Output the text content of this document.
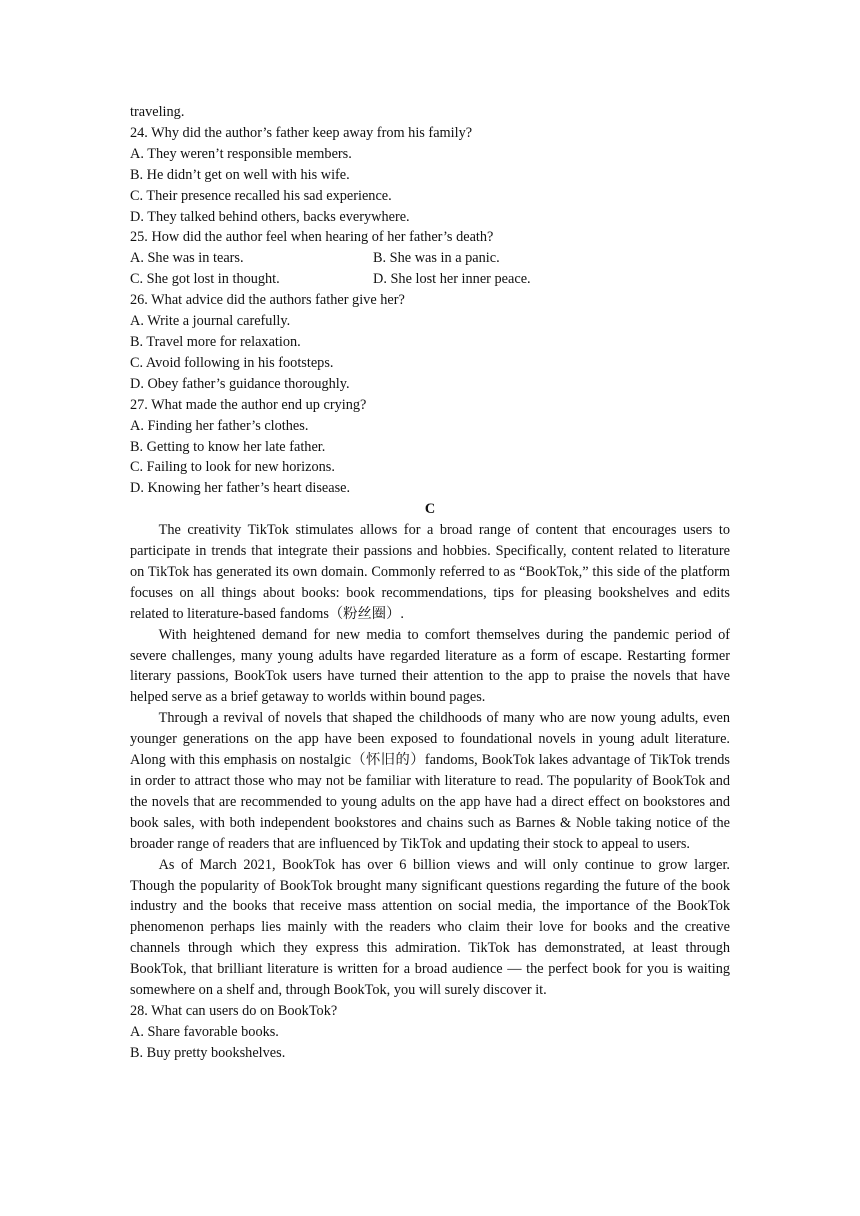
traveling.
24. Why did the author’s father keep away from his family?
A. They weren’t responsible members.
B. He didn’t get on well with his wife.
C. Their presence recalled his sad experience.
D. They talked behind others, backs everywhere.
25. How did the author feel when hearing of her father’s death?
A. She was in tears.	B. She was in a panic.
C. She got lost in thought.	D. She lost her inner peace.
26. What advice did the authors father give her?
A. Write a journal carefully.
B. Travel more for relaxation.
C. Avoid following in his footsteps.
D. Obey father’s guidance thoroughly.
27. What made the author end up crying?
A. Finding her father’s clothes.
B. Getting to know her late father.
C. Failing to look for new horizons.
D. Knowing her father’s heart disease.
C

The creativity TikTok stimulates allows for a broad range of content that encourages users to participate in trends that integrate their passions and hobbies. Specifically, content related to literature on TikTok has generated its own domain. Commonly referred to as “BookTok,” this side of the platform focuses on all things about books: book recommendations, tips for pleasing bookshelves and edits related to literature-based fandoms（粉丝圈）.

With heightened demand for new media to comfort themselves during the pandemic period of severe challenges, many young adults have regarded literature as a form of escape. Restarting former literary passions, BookTok users have turned their attention to the app to praise the novels that have helped serve as a brief getaway to worlds within bound pages.

Through a revival of novels that shaped the childhoods of many who are now young adults, even younger generations on the app have been exposed to foundational novels in young adult literature. Along with this emphasis on nostalgic（怀旧的）fandoms, BookTok lakes advantage of TikTok trends in order to attract those who may not be familiar with literature to read. The popularity of BookTok and the novels that are recommended to young adults on the app have had a direct effect on bookstores and book sales, with both independent bookstores and chains such as Barnes & Noble taking notice of the broader range of readers that are influenced by TikTok and updating their stock to appeal to users.

As of March 2021, BookTok has over 6 billion views and will only continue to grow larger. Though the popularity of BookTok brought many significant questions regarding the future of the book industry and the books that receive mass attention on social media, the importance of the BookTok phenomenon perhaps lies mainly with the readers who claim their love for books and the creative channels through which they express this admiration. TikTok has demonstrated, at least through BookTok, that brilliant literature is written for a broad audience — the perfect book for you is waiting somewhere on a shelf and, through BookTok, you will surely discover it.

28. What can users do on BookTok?
A. Share favorable books.
B. Buy pretty bookshelves.
